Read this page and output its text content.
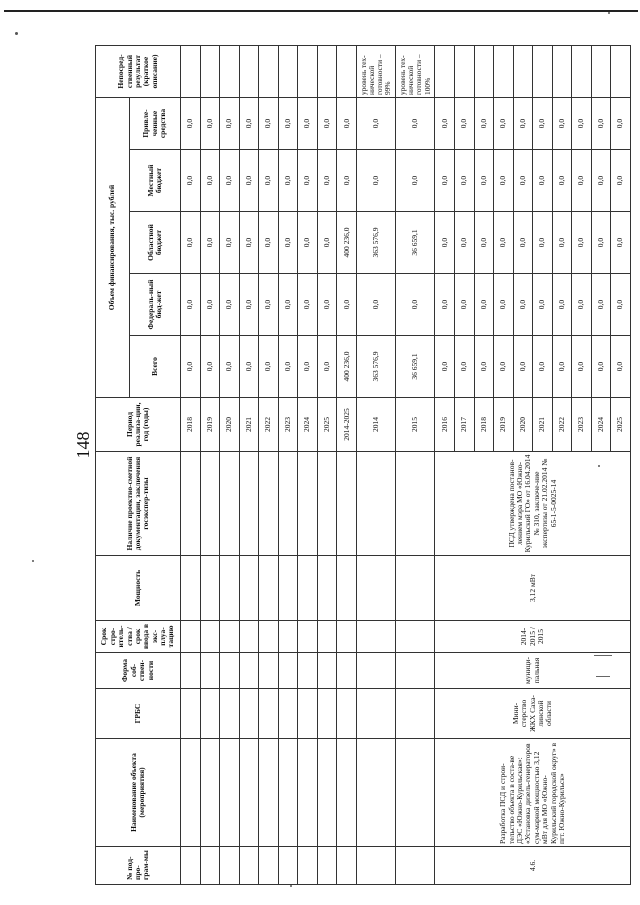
148
№ под-про-грам-мы	Наименование объекта (мероприятия)	ГРБС	Форма соб-ствен-ности	Срок стро-итель-ства / срок ввода в экс-плуа-тацию	Мощность	Наличие проектно-сметной документации, заключения госэкспер-тизы	Период реализа-ции, год (годы)	Объем финансирования, тыс. рублей					Непосред-ственный результат (краткое описание)
								Всего	Федераль-ный бюд-жет	Областной бюджет	Местный бюджет	Привле-ченные средства	
							2018	0,0	0,0	0,0	0,0	0,0	
							2019	0,0	0,0	0,0	0,0	0,0	
							2020	0,0	0,0	0,0	0,0	0,0	
							2021	0,0	0,0	0,0	0,0	0,0	
							2022	0,0	0,0	0,0	0,0	0,0	
							2023	0,0	0,0	0,0	0,0	0,0	
							2024	0,0	0,0	0,0	0,0	0,0	
							2025	0,0	0,0	0,0	0,0	0,0	
							2014-2025	400 236,0	0,0	400 236,0	0,0	0,0	
							2014	363 576,9	0,0	363 576,9	0,0	0,0	уровень тех-нической готовности – 99%
							2015	36 659,1	0,0	36 659,1	0,0	0,0	уровень тех-нической готовности – 100%
4.6.	Разработка ПСД и строи-тельство объекта в соста-ве ДЭС «Южно-Курильская»: «Установка дизель-генераторов сум-марной мощностью 3,12 мВт для МО «Южно-Курильский городской округ» в пгт. Южно-Курильск»	Мини-стерство ЖКХ Саха-линской области	муници-пальная	2014-2015 / 2015	3,12 мВт	ПСД утверждена постанов-лением мэра МО «Южно-Курильский ГО» от 16.04.2014 № 310, заключе-ние экспертизы от 21.02.2014 № 65-1-5-0025-14	2016	0,0	0,0	0,0	0,0	0,0	
							2017	0,0	0,0	0,0	0,0	0,0	
							2018	0,0	0,0	0,0	0,0	0,0	
							2019	0,0	0,0	0,0	0,0	0,0	
							2020	0,0	0,0	0,0	0,0	0,0	
							2021	0,0	0,0	0,0	0,0	0,0	
							2022	0,0	0,0	0,0	0,0	0,0	
							2023	0,0	0,0	0,0	0,0	0,0	
							2024	0,0	0,0	0,0	0,0	0,0	
							2025	0,0	0,0	0,0	0,0	0,0	
